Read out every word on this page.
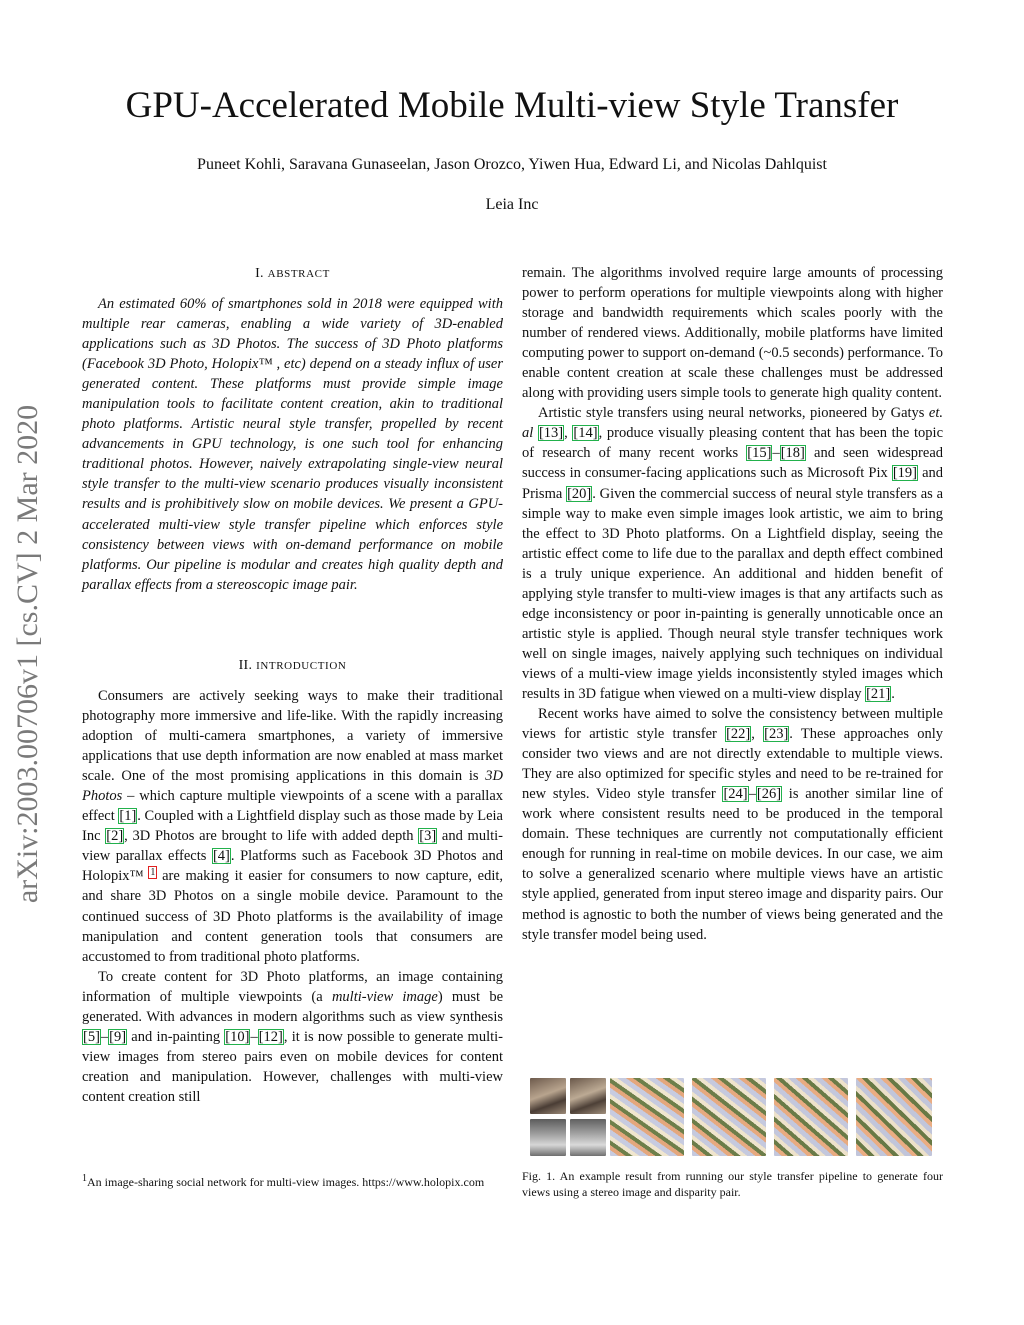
GPU-Accelerated Mobile Multi-view Style Transfer
Puneet Kohli, Saravana Gunaseelan, Jason Orozco, Yiwen Hua, Edward Li, and Nicolas Dahlquist
Leia Inc
arXiv:2003.00706v1 [cs.CV] 2 Mar 2020
I. ABSTRACT

An estimated 60% of smartphones sold in 2018 were equipped with multiple rear cameras, enabling a wide variety of 3D-enabled applications such as 3D Photos. The success of 3D Photo platforms (Facebook 3D Photo, Holopix™ , etc) depend on a steady influx of user generated content. These platforms must provide simple image manipulation tools to facilitate content creation, akin to traditional photo platforms. Artistic neural style transfer, propelled by recent advancements in GPU technology, is one such tool for enhancing traditional photos. However, naively extrapolating single-view neural style transfer to the multi-view scenario produces visually inconsistent results and is prohibitively slow on mobile devices. We present a GPU-accelerated multi-view style transfer pipeline which enforces style consistency between views with on-demand performance on mobile platforms. Our pipeline is modular and creates high quality depth and parallax effects from a stereoscopic image pair.

II. INTRODUCTION

Consumers are actively seeking ways to make their traditional photography more immersive and life-like. With the rapidly increasing adoption of multi-camera smartphones, a variety of immersive applications that use depth information are now enabled at mass market scale. One of the most promising applications in this domain is 3D Photos – which capture multiple viewpoints of a scene with a parallax effect [1]. Coupled with a Lightfield display such as those made by Leia Inc [2], 3D Photos are brought to life with added depth [3] and multi-view parallax effects [4]. Platforms such as Facebook 3D Photos and Holopix™ $^1$ are making it easier for consumers to now capture, edit, and share 3D Photos on a single mobile device. Paramount to the continued success of 3D Photo platforms is the availability of image manipulation and content generation tools that consumers are accustomed to from traditional photo platforms.

To create content for 3D Photo platforms, an image containing information of multiple viewpoints (a multi-view image) must be generated. With advances in modern algorithms such as view synthesis [5]–[9] and in-painting [10]–[12], it is now possible to generate multi-view images from stereo pairs even on mobile devices for content creation and manipulation. However, challenges with multi-view content creation still

$^1$An image-sharing social network for multi-view images. https://www.holopix.com

remain. The algorithms involved require large amounts of processing power to perform operations for multiple viewpoints along with higher storage and bandwidth requirements which scales poorly with the number of rendered views. Additionally, mobile platforms have limited computing power to support on-demand (~0.5 seconds) performance. To enable content creation at scale these challenges must be addressed along with providing users simple tools to generate high quality content.

Artistic style transfers using neural networks, pioneered by Gatys et. al [13], [14], produce visually pleasing content that has been the topic of research of many recent works [15]–[18] and seen widespread success in consumer-facing applications such as Microsoft Pix [19] and Prisma [20]. Given the commercial success of neural style transfers as a simple way to make even simple images look artistic, we aim to bring the effect to 3D Photo platforms. On a Lightfield display, seeing the artistic effect come to life due to the parallax and depth effect combined is a truly unique experience. An additional and hidden benefit of applying style transfer to multi-view images is that any artifacts such as edge inconsistency or poor in-painting is generally unnoticable once an artistic style is applied. Though neural style transfer techniques work well on single images, naively applying such techniques on individual views of a multi-view image yields inconsistently styled images which results in 3D fatigue when viewed on a multi-view display [21].

Recent works have aimed to solve the consistency between multiple views for artistic style transfer [22], [23]. These approaches only consider two views and are not directly extendable to multiple views. They are also optimized for specific styles and need to be re-trained for new styles. Video style transfer [24]–[26] is another similar line of work where consistent results need to be produced in the temporal domain. These techniques are currently not computationally efficient enough for running in real-time on mobile devices. In our case, we aim to solve a generalized scenario where multiple views have an artistic style applied, generated from input stereo image and disparity pairs. Our method is agnostic to both the number of views being generated and the style transfer model being used.

Fig. 1. An example result from running our style transfer pipeline to generate four views using a stereo image and disparity pair.
